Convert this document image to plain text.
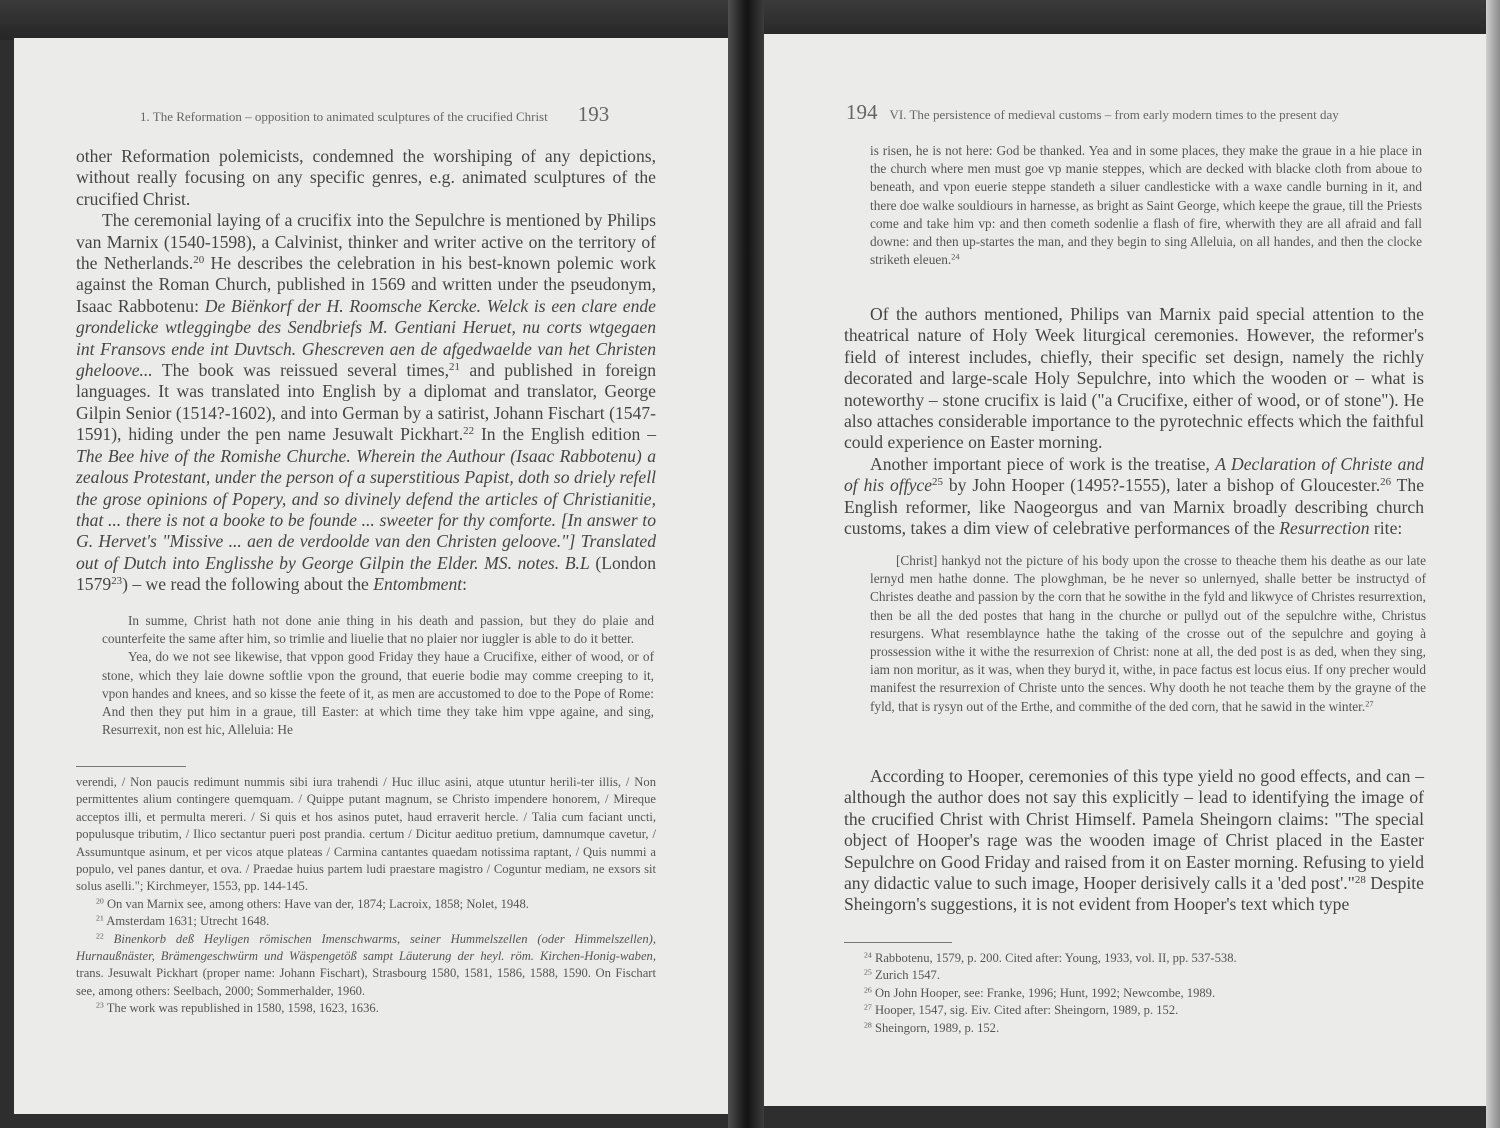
1. The Reformation – opposition to animated sculptures of the crucified Christ 193

other Reformation polemicists, condemned the worshiping of any depictions, without really focusing on any specific genres, e.g. animated sculptures of the crucified Christ.

The ceremonial laying of a crucifix into the Sepulchre is mentioned by Philips van Marnix (1540-1598), a Calvinist, thinker and writer active on the territory of the Netherlands.$^{20}$ He describes the celebration in his best-known polemic work against the Roman Church, published in 1569 and written under the pseudonym, Isaac Rabbotenu: De Biënkorf der H. Roomsche Kercke. Welck is een clare ende grondelicke wtleggingbe des Sendbriefs M. Gentiani Heruet, nu corts wtgegaen int Fransovs ende int Duvtsch. Ghescreven aen de afgedwaelde van het Christen gheloove... The book was reissued several times,$^{21}$ and published in foreign languages. It was translated into English by a diplomat and translator, George Gilpin Senior (1514?-1602), and into German by a satirist, Johann Fischart (1547-1591), hiding under the pen name Jesuwalt Pickhart.$^{22}$ In the English edition – The Bee hive of the Romishe Churche. Wherein the Authour (Isaac Rabbotenu) a zealous Protestant, under the person of a superstitious Papist, doth so driely refell the grose opinions of Popery, and so divinely defend the articles of Christianitie, that ... there is not a booke to be founde ... sweeter for thy comforte. [In answer to G. Hervet's "Missive ... aen de verdoolde van den Christen geloove."] Translated out of Dutch into Englisshe by George Gilpin the Elder. MS. notes. B.L (London 1579$^{23}$) – we read the following about the Entombment:

In summe, Christ hath not done anie thing in his death and passion, but they do plaie and counterfeite the same after him, so trimlie and liuelie that no plaier nor iuggler is able to do it better.

Yea, do we not see likewise, that vppon good Friday they haue a Crucifixe, either of wood, or of stone, which they laie downe softlie vpon the ground, that euerie bodie may comme creeping to it, vpon handes and knees, and so kisse the feete of it, as men are accustomed to doe to the Pope of Rome: And then they put him in a graue, till Easter: at which time they take him vppe againe, and sing, Resurrexit, non est hic, Alleluia: He

verendi, / Non paucis redimunt nummis sibi iura trahendi / Huc illuc asini, atque utuntur herili-ter illis, / Non permittentes alium contingere quemquam. / Quippe putant magnum, se Christo impendere honorem, / Mireque acceptos illi, et permulta mereri. / Si quis et hos asinos putet, haud erraverit hercle. / Talia cum faciant uncti, populusque tributim, / Ilico sectantur pueri post prandia. certum / Dicitur aedituo pretium, damnumque cavetur, / Assumuntque asinum, et per vicos atque plateas / Carmina cantantes quaedam notissima raptant, / Quis nummi a populo, vel panes dantur, et ova. / Praedae huius partem ludi praestare magistro / Coguntur mediam, ne exsors sit solus aselli."; Kirchmeyer, 1553, pp. 144-145.

$^{20}$ On van Marnix see, among others: Have van der, 1874; Lacroix, 1858; Nolet, 1948.

$^{21}$ Amsterdam 1631; Utrecht 1648.

$^{22}$ Binenkorb deß Heyligen römischen Imenschwarms, seiner Hummelszellen (oder Himmelszellen), Hurnaußnäster, Brämengeschwürm und Wäspengetöß sampt Läuterung der heyl. röm. Kirchen-Honig-waben, trans. Jesuwalt Pickhart (proper name: Johann Fischart), Strasbourg 1580, 1581, 1586, 1588, 1590. On Fischart see, among others: Seelbach, 2000; Sommerhalder, 1960.

$^{23}$ The work was republished in 1580, 1598, 1623, 1636.

194 VI. The persistence of medieval customs – from early modern times to the present day

is risen, he is not here: God be thanked. Yea and in some places, they make the graue in a hie place in the church where men must goe vp manie steppes, which are decked with blacke cloth from aboue to beneath, and vpon euerie steppe standeth a siluer candlesticke with a waxe candle burning in it, and there doe walke souldiours in harnesse, as bright as Saint George, which keepe the graue, till the Priests come and take him vp: and then cometh sodenlie a flash of fire, wherwith they are all afraid and fall downe: and then up-startes the man, and they begin to sing Alleluia, on all handes, and then the clocke striketh eleuen.$^{24}$

Of the authors mentioned, Philips van Marnix paid special attention to the theatrical nature of Holy Week liturgical ceremonies. However, the reformer's field of interest includes, chiefly, their specific set design, namely the richly decorated and large-scale Holy Sepulchre, into which the wooden or – what is noteworthy – stone crucifix is laid ("a Crucifixe, either of wood, or of stone"). He also attaches considerable importance to the pyrotechnic effects which the faithful could experience on Easter morning.

Another important piece of work is the treatise, A Declaration of Christe and of his offyce$^{25}$ by John Hooper (1495?-1555), later a bishop of Gloucester.$^{26}$ The English reformer, like Naogeorgus and van Marnix broadly describing church customs, takes a dim view of celebrative performances of the Resurrection rite:

[Christ] hankyd not the picture of his body upon the crosse to theache them his deathe as our late lernyd men hathe donne. The plowghman, be he never so unlernyed, shalle better be instructyd of Christes deathe and passion by the corn that he sowithe in the fyld and likwyce of Christes resurrextion, then be all the ded postes that hang in the churche or pullyd out of the sepulchre withe, Christus resurgens. What resemblaynce hathe the taking of the crosse out of the sepulchre and goying à prossession withe it withe the resurrexion of Christ: none at all, the ded post is as ded, when they sing, iam non moritur, as it was, when they buryd it, withe, in pace factus est locus eius. If ony precher would manifest the resurrexion of Christe unto the sences. Why dooth he not teache them by the grayne of the fyld, that is rysyn out of the Erthe, and commithe of the ded corn, that he sawid in the winter.$^{27}$

According to Hooper, ceremonies of this type yield no good effects, and can – although the author does not say this explicitly – lead to identifying the image of the crucified Christ with Christ Himself. Pamela Sheingorn claims: "The special object of Hooper's rage was the wooden image of Christ placed in the Easter Sepulchre on Good Friday and raised from it on Easter morning. Refusing to yield any didactic value to such image, Hooper derisively calls it a 'ded post'."$^{28}$ Despite Sheingorn's suggestions, it is not evident from Hooper's text which type

$^{24}$ Rabbotenu, 1579, p. 200. Cited after: Young, 1933, vol. II, pp. 537-538.

$^{25}$ Zurich 1547.

$^{26}$ On John Hooper, see: Franke, 1996; Hunt, 1992; Newcombe, 1989.

$^{27}$ Hooper, 1547, sig. Eiv. Cited after: Sheingorn, 1989, p. 152.

$^{28}$ Sheingorn, 1989, p. 152.
